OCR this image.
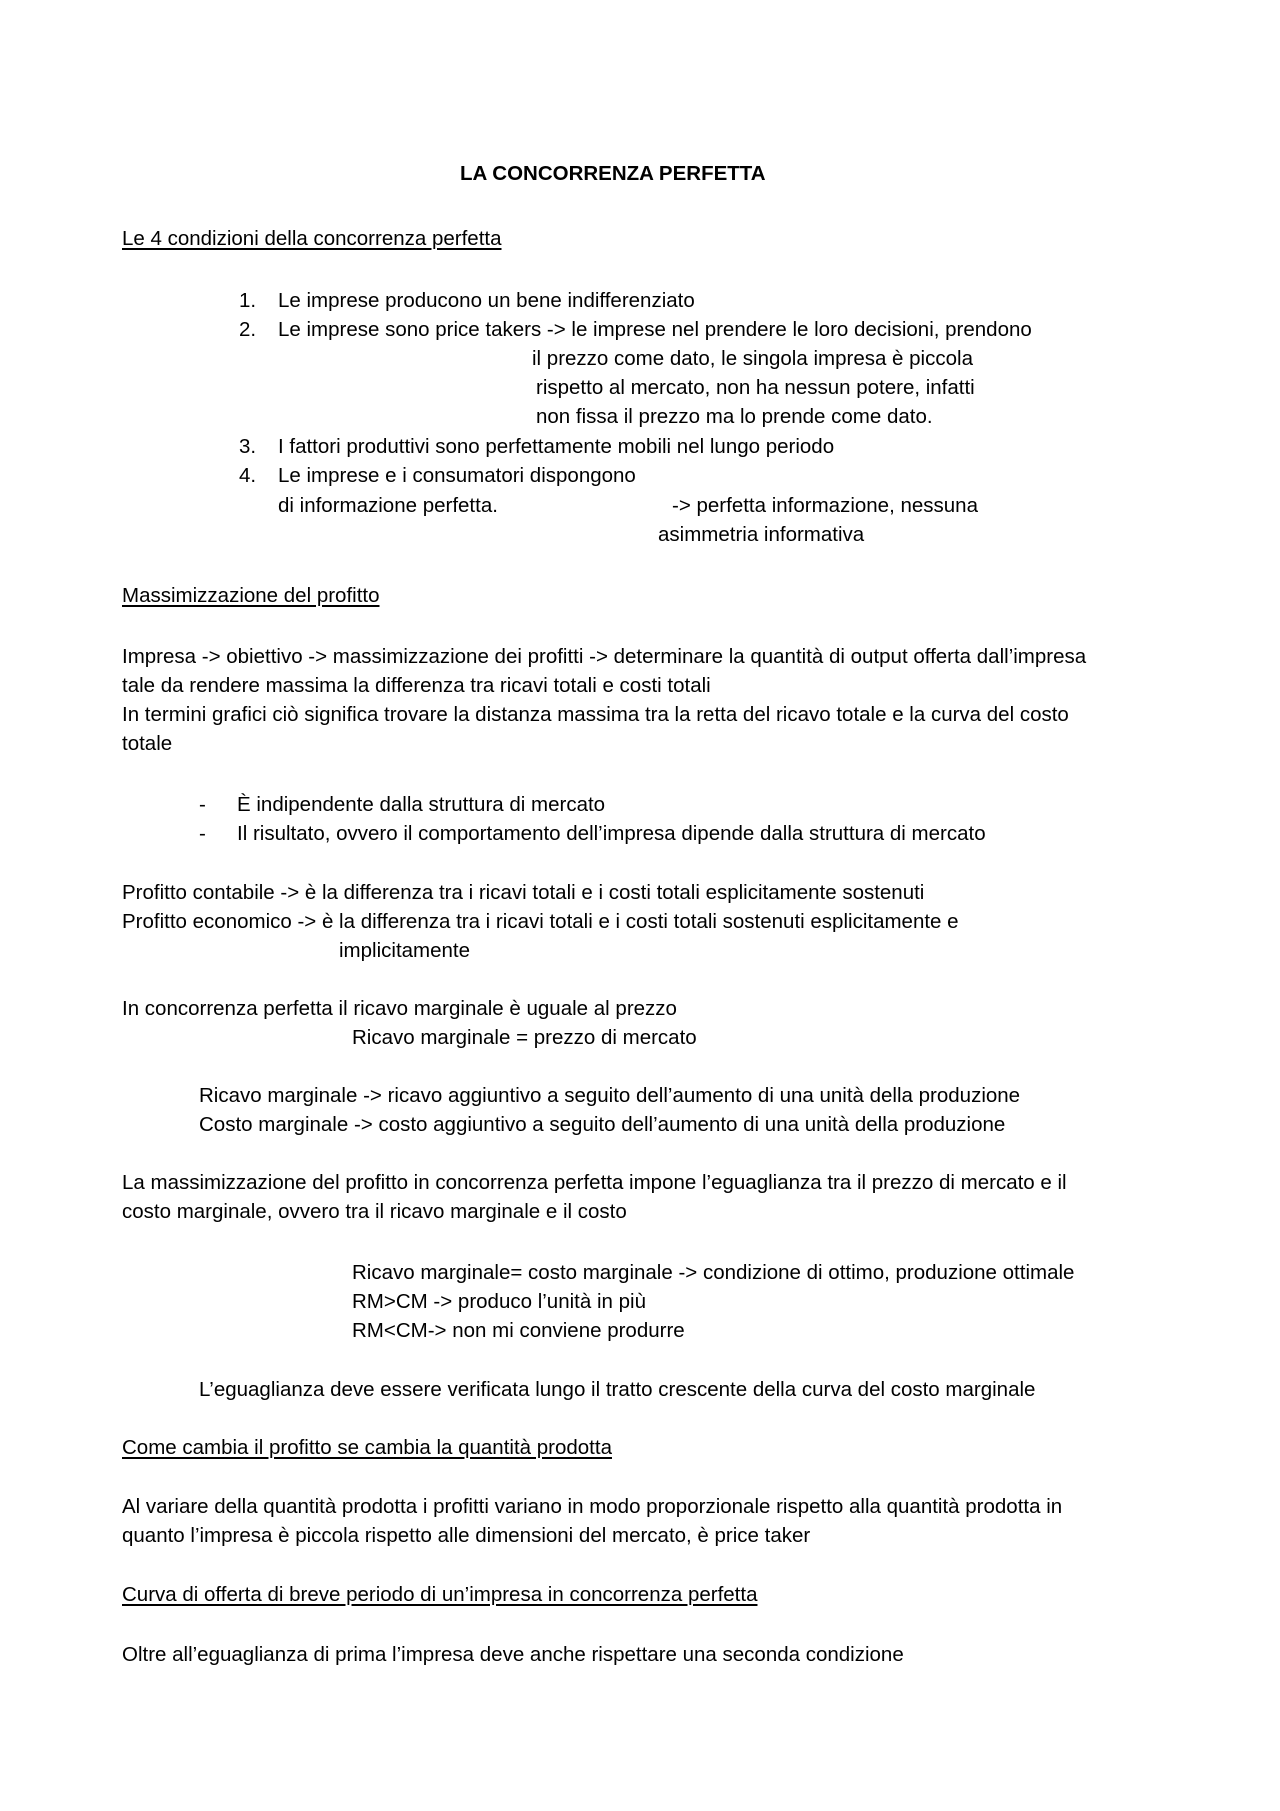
LA CONCORRENZA PERFETTA
Le 4 condizioni della concorrenza perfetta
1. Le imprese producono un bene indifferenziato
2. Le imprese sono price takers -> le imprese nel prendere le loro decisioni, prendono
il prezzo come dato, le singola impresa è piccola
rispetto al mercato, non ha nessun potere, infatti
non fissa il prezzo ma lo prende come dato.
3. I fattori produttivi sono perfettamente mobili nel lungo periodo
4. Le imprese e i consumatori dispongono
di informazione perfetta.	-> perfetta informazione, nessuna
asimmetria informativa
Massimizzazione del profitto
Impresa -> obiettivo -> massimizzazione dei profitti -> determinare la quantità di output offerta dall’impresa
tale da rendere massima la differenza tra ricavi totali e costi totali
In termini grafici ciò significa trovare la distanza massima tra la retta del ricavo totale e la curva del costo
totale
- È indipendente dalla struttura di mercato
- Il risultato, ovvero il comportamento dell’impresa dipende dalla struttura di mercato
Profitto contabile -> è la differenza tra i ricavi totali e i costi totali esplicitamente sostenuti
Profitto economico -> è la differenza tra i ricavi totali e i costi totali sostenuti esplicitamente e
implicitamente
In concorrenza perfetta il ricavo marginale è uguale al prezzo
Ricavo marginale = prezzo di mercato
Ricavo marginale -> ricavo aggiuntivo a seguito dell’aumento di una unità della produzione
Costo marginale -> costo aggiuntivo a seguito dell’aumento di una unità della produzione
La massimizzazione del profitto in concorrenza perfetta impone l’eguaglianza tra il prezzo di mercato e il
costo marginale, ovvero tra il ricavo marginale e il costo
Ricavo marginale= costo marginale -> condizione di ottimo, produzione ottimale
RM>CM -> produco l’unità in più
RM<CM-> non mi conviene produrre
L’eguaglianza deve essere verificata lungo il tratto crescente della curva del costo marginale
Come cambia il profitto se cambia la quantità prodotta
Al variare della quantità prodotta i profitti variano in modo proporzionale rispetto alla quantità prodotta in
quanto l’impresa è piccola rispetto alle dimensioni del mercato, è price taker
Curva di offerta di breve periodo di un’impresa in concorrenza perfetta
Oltre all’eguaglianza di prima l’impresa deve anche rispettare una seconda condizione
